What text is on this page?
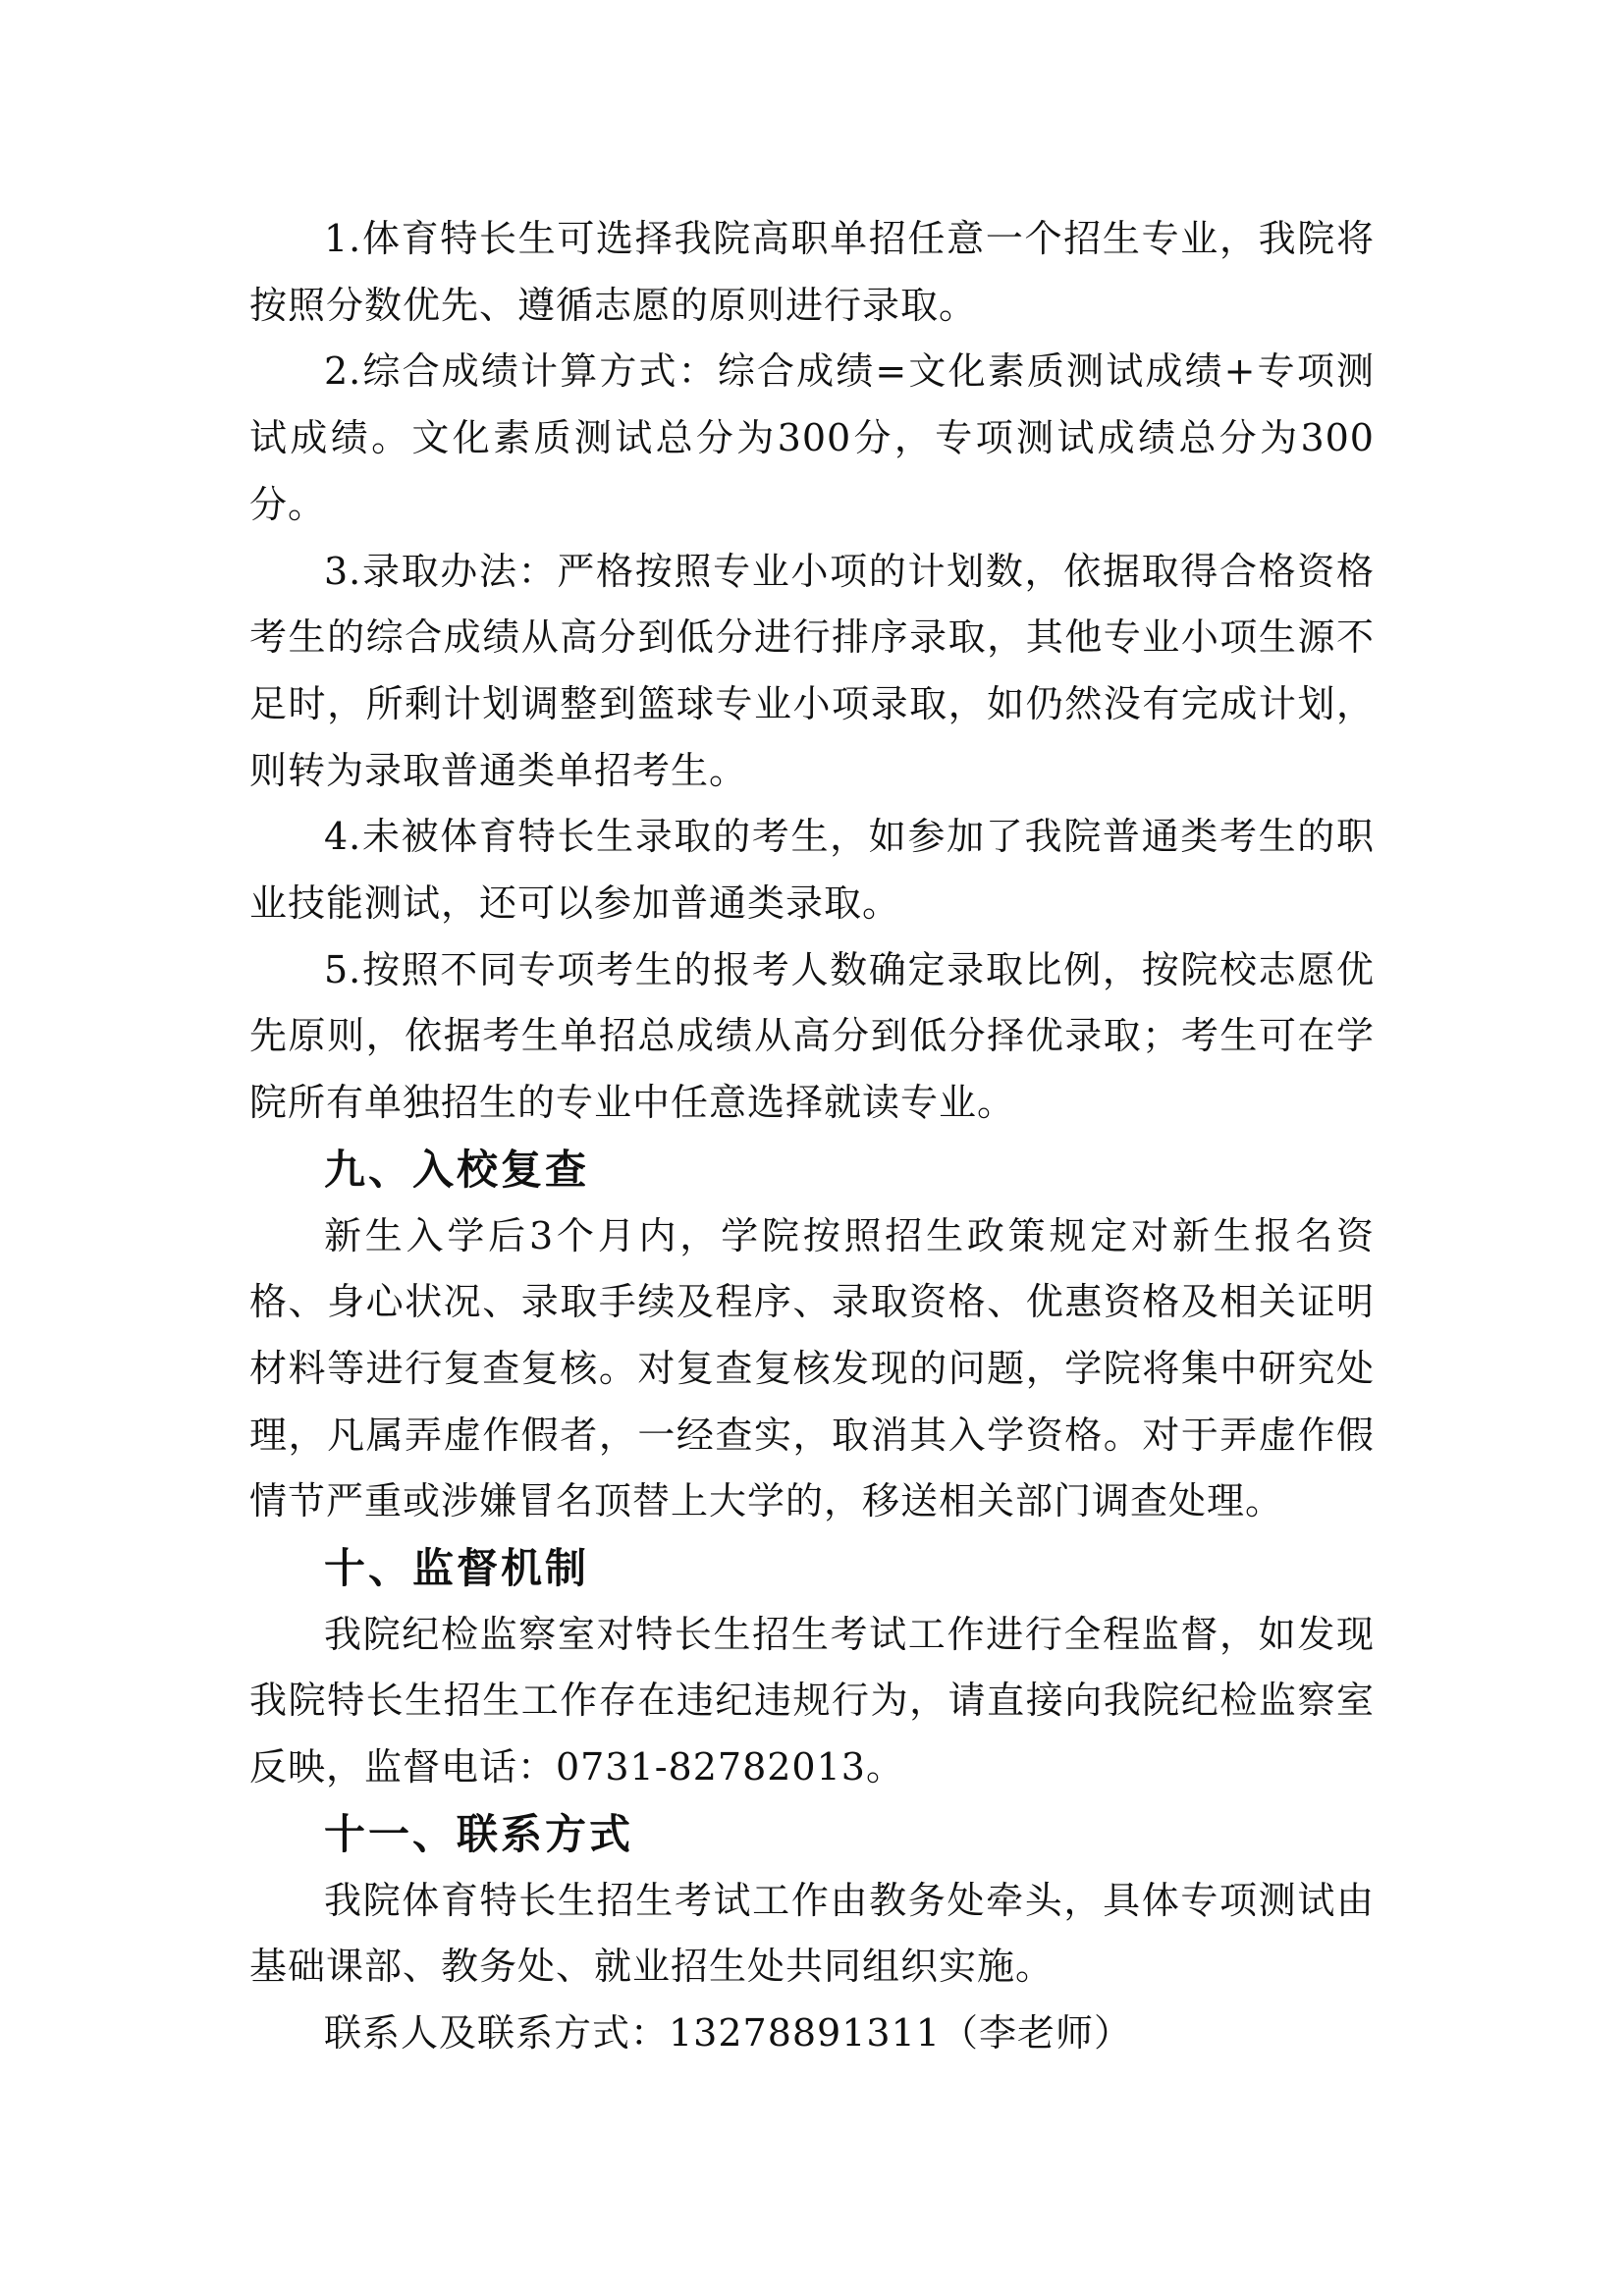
1.体育特长生可选择我院高职单招任意一个招生专业，我院将按照分数优先、遵循志愿的原则进行录取。

2.综合成绩计算方式：综合成绩=文化素质测试成绩+专项测试成绩。文化素质测试总分为300分，专项测试成绩总分为300分。

3.录取办法：严格按照专业小项的计划数，依据取得合格资格考生的综合成绩从高分到低分进行排序录取，其他专业小项生源不足时，所剩计划调整到篮球专业小项录取，如仍然没有完成计划，则转为录取普通类单招考生。

4.未被体育特长生录取的考生，如参加了我院普通类考生的职业技能测试，还可以参加普通类录取。

5.按照不同专项考生的报考人数确定录取比例，按院校志愿优先原则，依据考生单招总成绩从高分到低分择优录取；考生可在学院所有单独招生的专业中任意选择就读专业。

九、入校复查

新生入学后3个月内，学院按照招生政策规定对新生报名资格、身心状况、录取手续及程序、录取资格、优惠资格及相关证明材料等进行复查复核。对复查复核发现的问题，学院将集中研究处理，凡属弄虚作假者，一经查实，取消其入学资格。对于弄虚作假情节严重或涉嫌冒名顶替上大学的，移送相关部门调查处理。

十、监督机制

我院纪检监察室对特长生招生考试工作进行全程监督，如发现我院特长生招生工作存在违纪违规行为，请直接向我院纪检监察室反映，监督电话：0731-82782013。

十一、联系方式

我院体育特长生招生考试工作由教务处牵头，具体专项测试由基础课部、教务处、就业招生处共同组织实施。

联系人及联系方式：13278891311（李老师）
